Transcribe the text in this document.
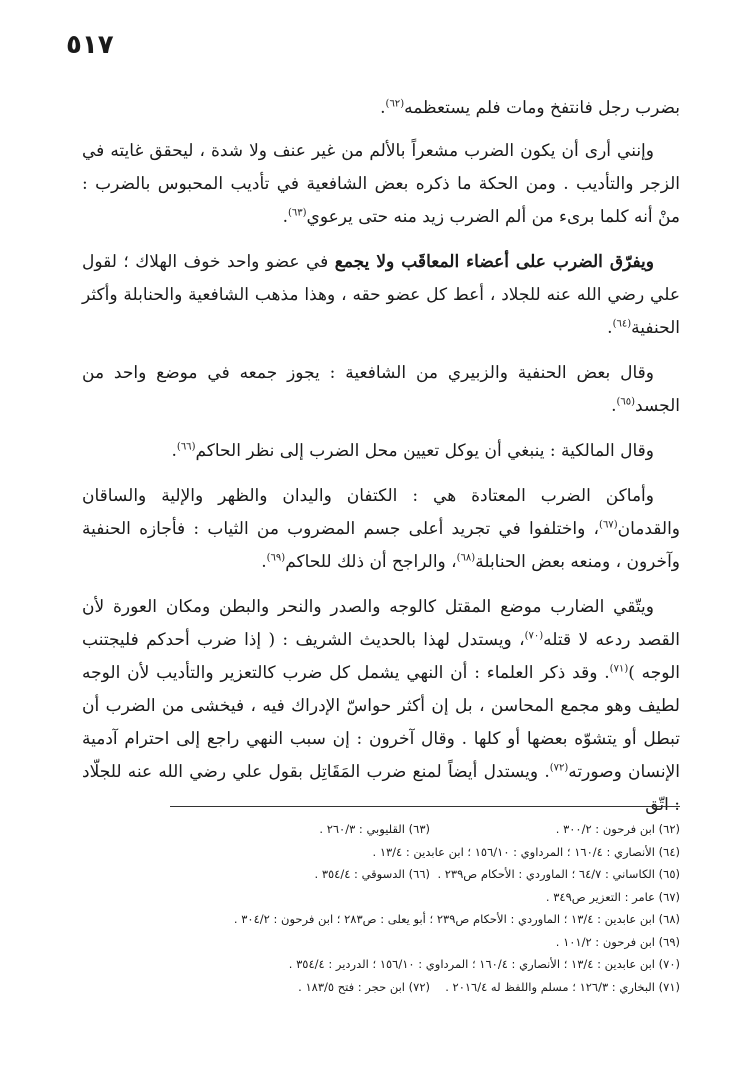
٥١٧

بضرب رجل فانتفخ ومات فلم يستعظمه$^{(٦٢)}$.

وإنني أرى أن يكون الضرب مشعراً بالألم من غير عنف ولا شدة ، ليحقق غايته في الزجر والتأديب . ومن الحكة ما ذكره بعض الشافعية في تأديب المحبوس بالضرب : منْ أنه كلما برىء من ألم الضرب زيد منه حتى يرعوي$^{(٦٣)}$.

ويفرّق الضرب على أعضاء المعاقَب ولا يجمع في عضو واحد خوف الهلاك ؛ لقول علي رضي الله عنه للجلاد ، أعط كل عضو حقه ، وهذا مذهب الشافعية والحنابلة وأكثر الحنفية$^{(٦٤)}$.

وقال بعض الحنفية والزبيري من الشافعية : يجوز جمعه في موضع واحد من الجسد$^{(٦٥)}$.

وقال المالكية : ينبغي أن يوكل تعيين محل الضرب إلى نظر الحاكم$^{(٦٦)}$.

وأماكن الضرب المعتادة هي : الكتفان واليدان والظهر والإلية والساقان والقدمان$^{(٦٧)}$، واختلفوا في تجريد أعلى جسم المضروب من الثياب : فأجازه الحنفية وآخرون ، ومنعه بعض الحنابلة$^{(٦٨)}$، والراجح أن ذلك للحاكم$^{(٦٩)}$.

ويتّقي الضارب موضع المقتل كالوجه والصدر والنحر والبطن ومكان العورة لأن القصد ردعه لا قتله$^{(٧٠)}$، ويستدل لهذا بالحديث الشريف : ( إذا ضرب أحدكم فليجتنب الوجه )$^{(٧١)}$. وقد ذكر العلماء : أن النهي يشمل كل ضرب كالتعزير والتأديب لأن الوجه لطيف وهو مجمع المحاسن ، بل إن أكثر حواسّ الإدراك فيه ، فيخشى من الضرب أن تبطل أو يتشوّه بعضها أو كلها . وقال آخرون : إن سبب النهي راجع إلى احترام آدمية الإنسان وصورته$^{(٧٢)}$. ويستدل أيضاً لمنع ضرب المَقَاتِل بقول علي رضي الله عنه للجلّاد : اتّق

(٦٢) ابن فرحون : ٣٠٠/٢ .
(٦٣) القليوبي : ٢٦٠/٣ .
(٦٤) الأنصاري : ١٦٠/٤ ؛ المرداوي : ١٥٦/١٠ ؛ ابن عابدين : ١٣/٤ .
(٦٥) الكاساني : ٦٤/٧ ؛ الماوردي : الأحكام ص٢٣٩ .
(٦٦) الدسوقي : ٣٥٤/٤ .
(٦٧) عامر : التعزير ص٣٤٩ .
(٦٨) ابن عابدين : ١٣/٤ ؛ الماوردي : الأحكام ص٢٣٩ ؛ أبو يعلى : ص٢٨٣ ؛ ابن فرحون : ٣٠٤/٢ .
(٦٩) ابن فرحون : ١٠١/٢ .
(٧٠) ابن عابدين : ١٣/٤ ؛ الأنصاري : ١٦٠/٤ ؛ المرداوي : ١٥٦/١٠ ؛ الدردير : ٣٥٤/٤ .
(٧١) البخاري : ١٢٦/٣ ؛ مسلم واللفظ له ٢٠١٦/٤ .
(٧٢) ابن حجر : فتح ١٨٣/٥ .
